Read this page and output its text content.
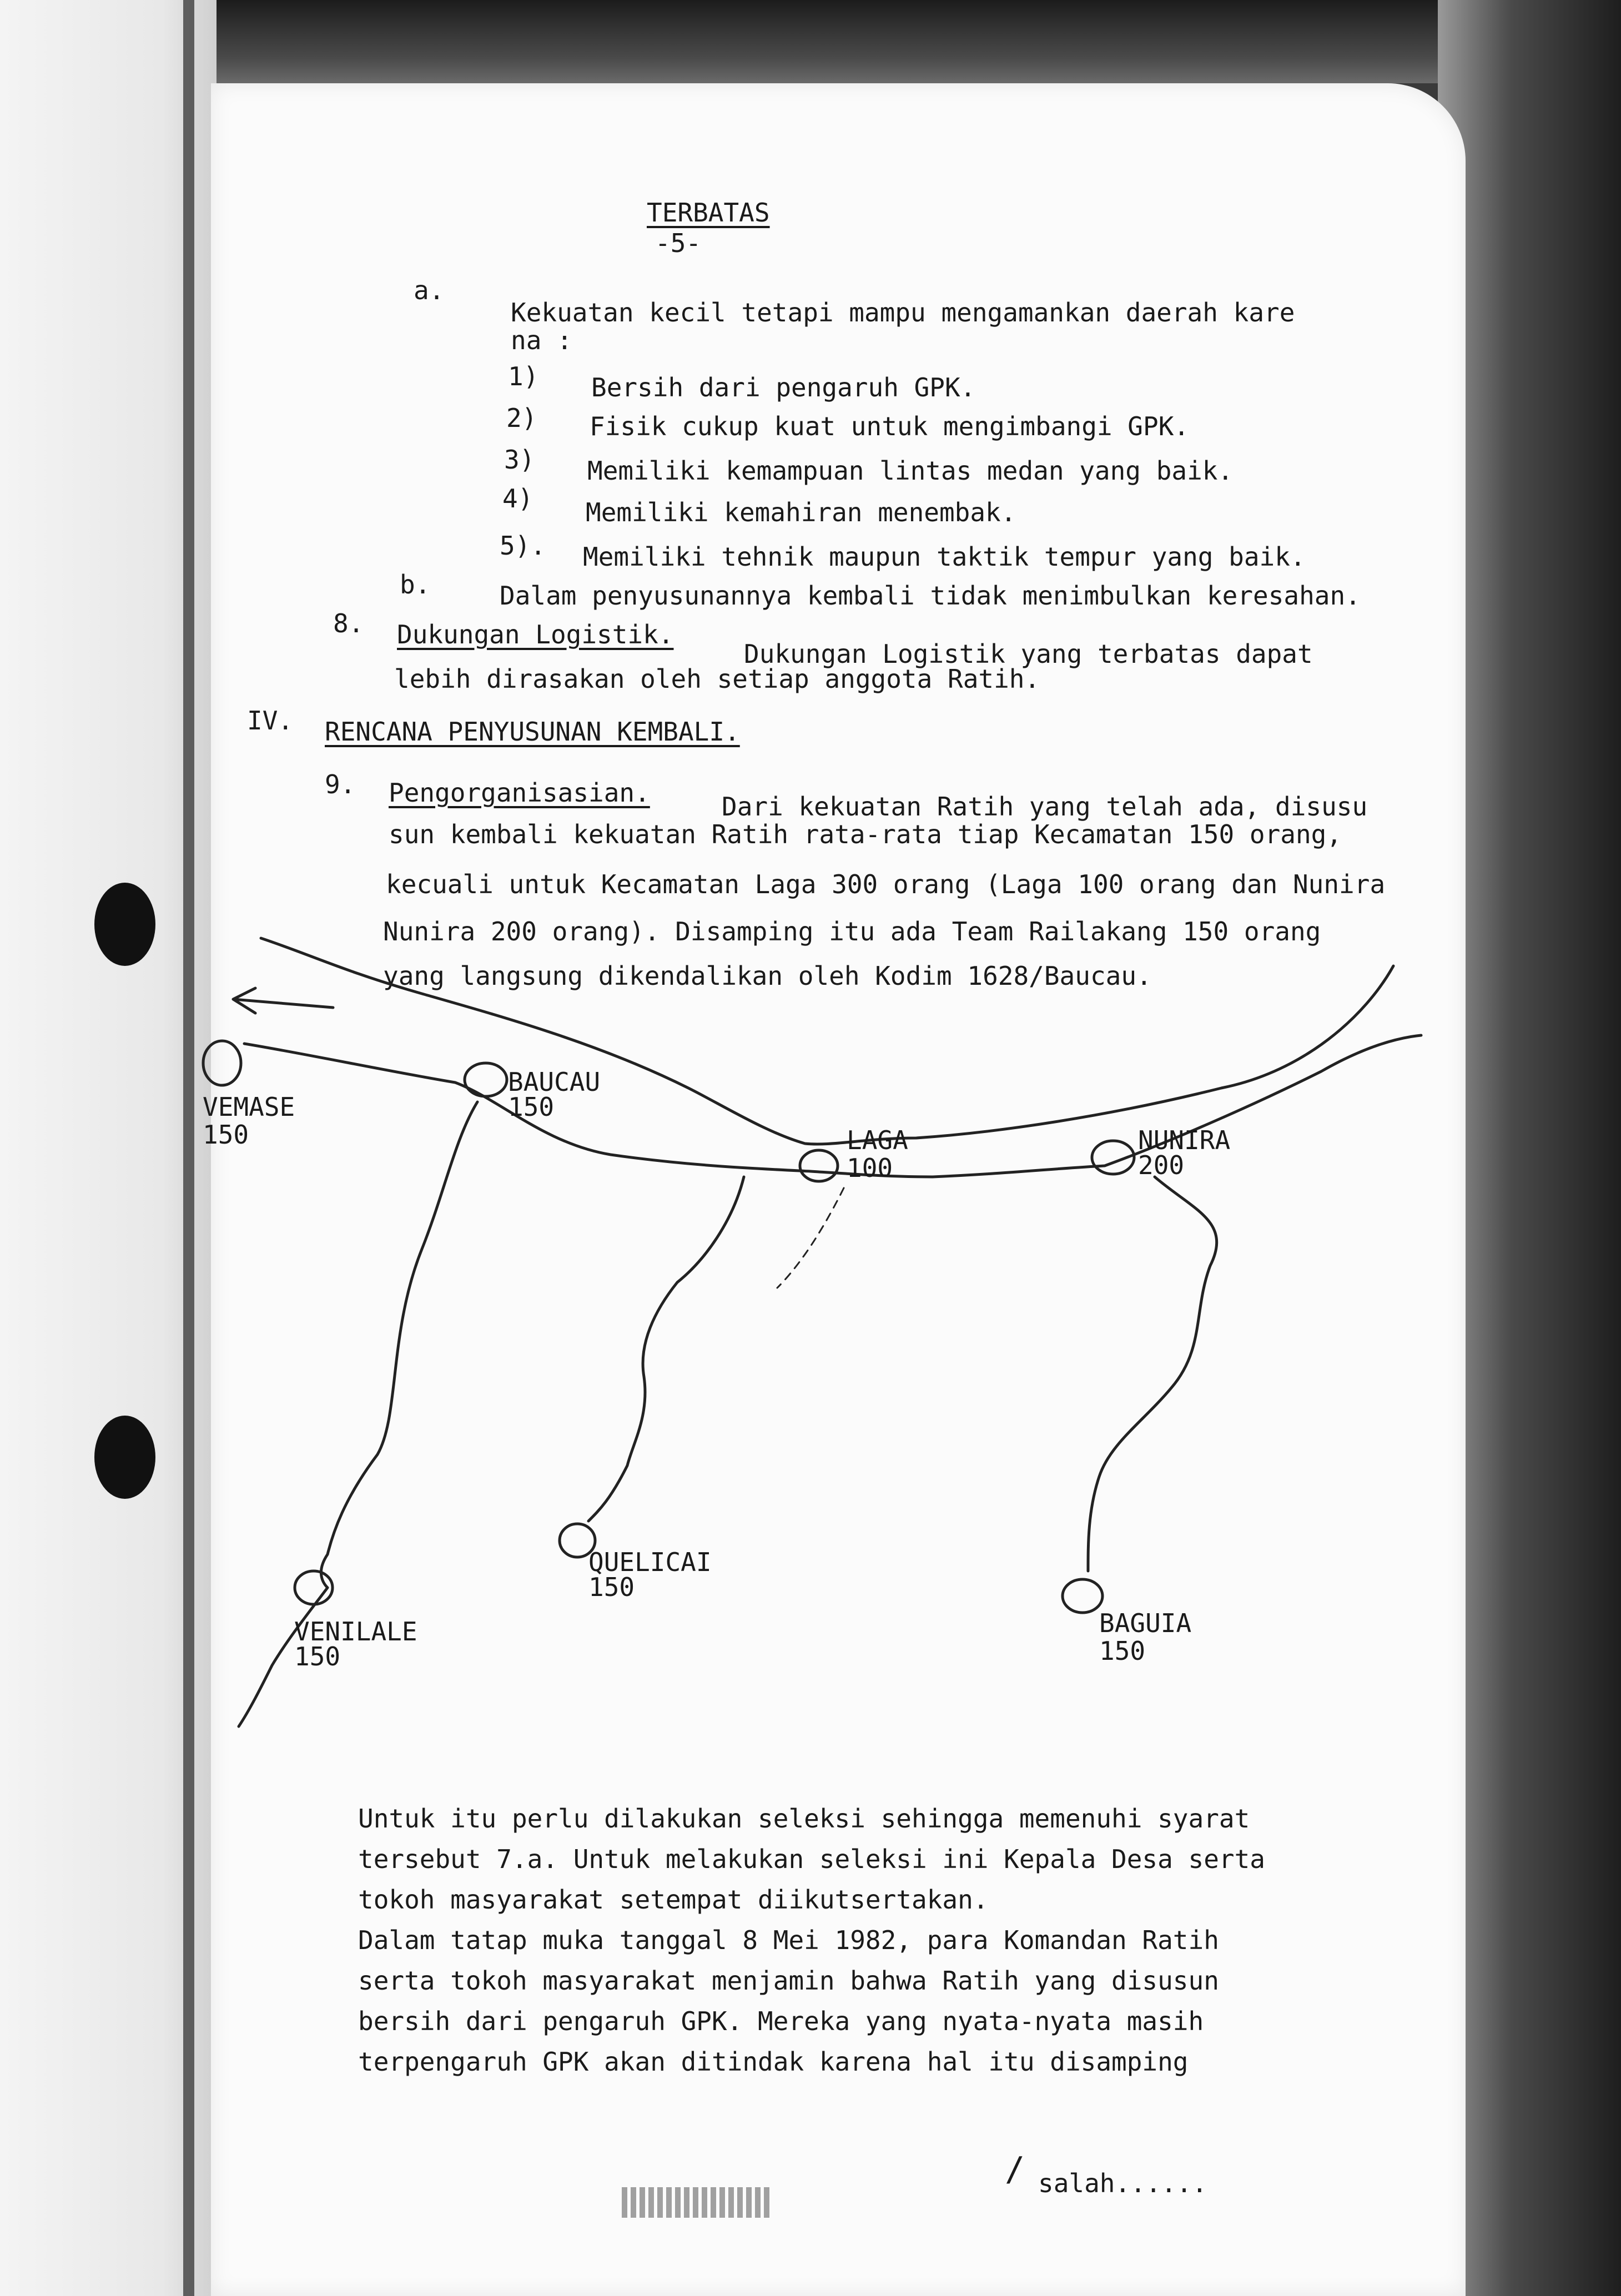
TERBATAS
-5-
a.
Kekuatan kecil tetapi mampu mengamankan daerah kare
na :
1) Bersih dari pengaruh GPK.
2) Fisik cukup kuat untuk mengimbangi GPK.
3) Memiliki kemampuan lintas medan yang baik.
4) Memiliki kemahiran menembak.
5). Memiliki tehnik maupun taktik tempur yang baik.
b.	Dalam penyusunannya kembali tidak menimbulkan keresahan.
8. Dukungan Logistik.
Dukungan Logistik yang terbatas dapat
lebih dirasakan oleh setiap anggota Ratih.
IV. RENCANA PENYUSUNAN KEMBALI.
9. Pengorganisasian.	Dari kekuatan Ratih yang telah ada, disusu
sun kembali kekuatan Ratih rata-rata tiap Kecamatan 150 orang,
kecuali untuk Kecamatan Laga 300 orang (Laga 100 orang dan Nunira
Nunira 200 orang). Disamping itu ada Team Railakang 150 orang
yang langsung dikendalikan oleh Kodim 1628/Baucau.
VEMASE
150
BAUCAU
150
LAGA
100
NUNIRA
200
QUELICAI
150
VENILALE
150
BAGUIA
150
Untuk itu perlu dilakukan seleksi sehingga memenuhi syarat
tersebut 7.a. Untuk melakukan seleksi ini Kepala Desa serta
tokoh masyarakat setempat diikutsertakan.
Dalam tatap muka tanggal 8 Mei 1982, para Komandan Ratih
serta tokoh masyarakat menjamin bahwa Ratih yang disusun
bersih dari pengaruh GPK. Mereka yang nyata-nyata masih
terpengaruh GPK akan ditindak karena hal itu disamping
/ salah......
